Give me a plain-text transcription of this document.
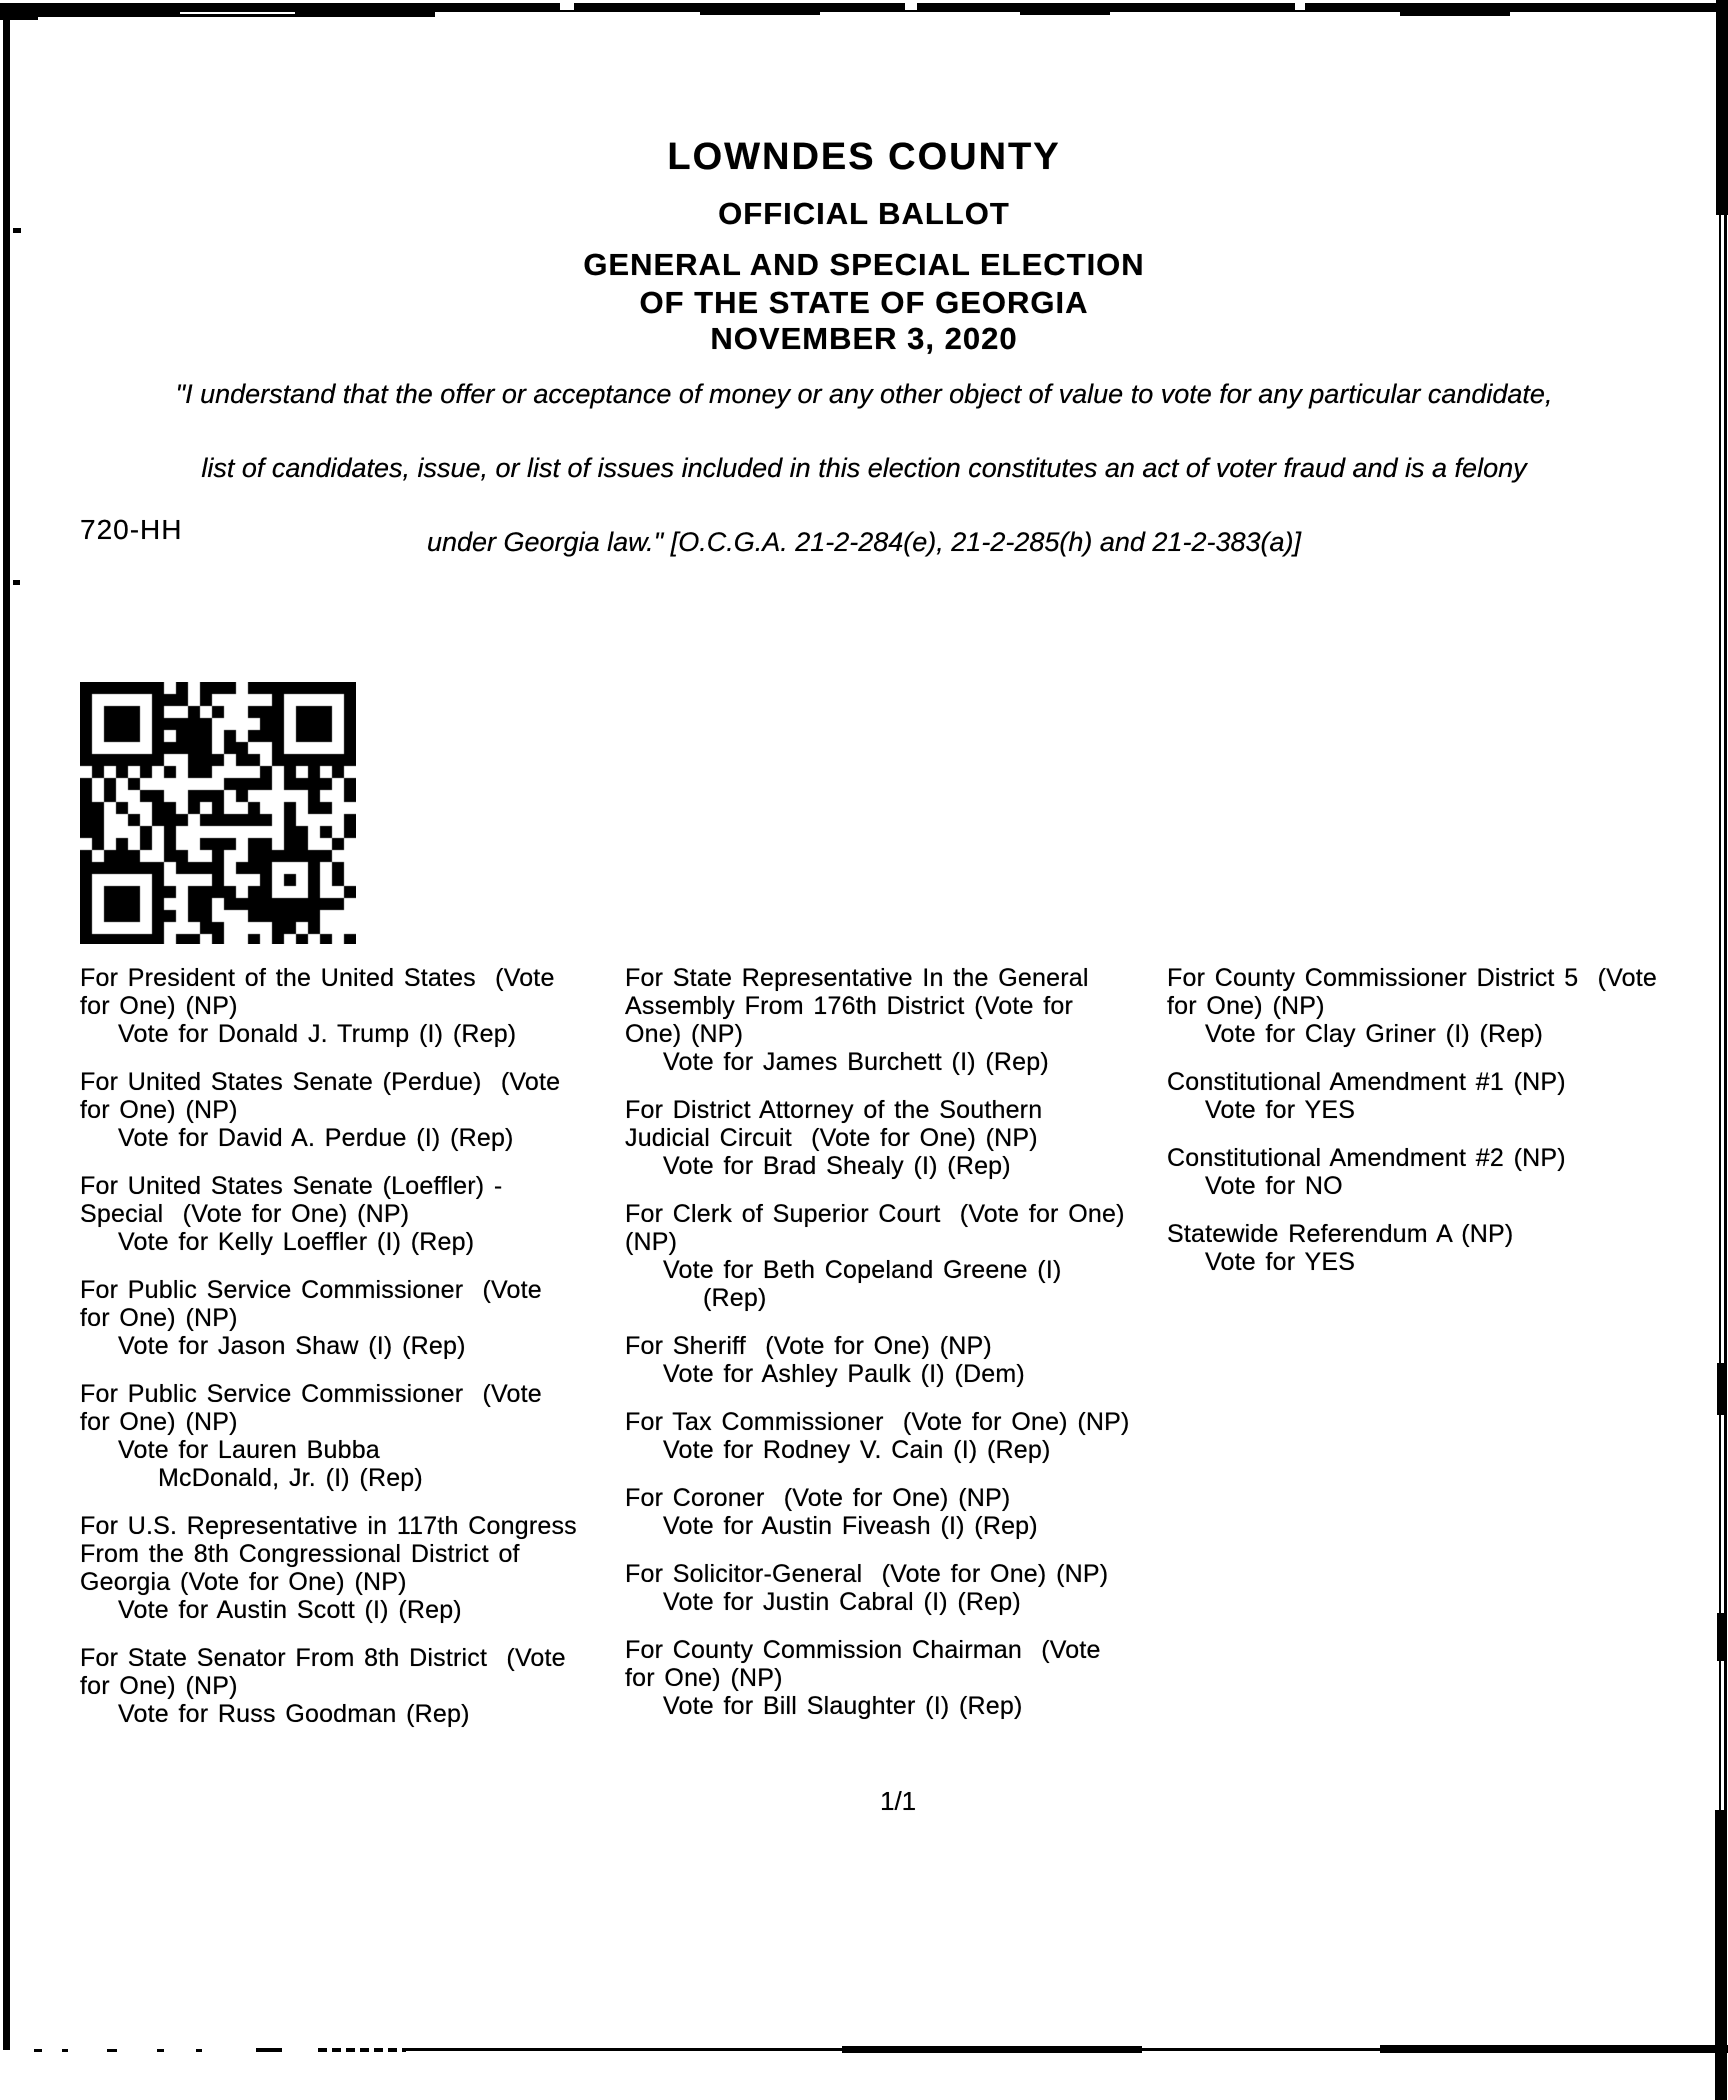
LOWNDES COUNTY
OFFICIAL BALLOT
GENERAL AND SPECIAL ELECTION
OF THE STATE OF GEORGIA
NOVEMBER 3, 2020
"I understand that the offer or acceptance of money or any other object of value to vote for any particular candidate,

list of candidates, issue, or list of issues included in this election constitutes an act of voter fraud and is a felony

under Georgia law." [O.C.G.A. 21-2-284(e), 21-2-285(h) and 21-2-383(a)]
720-HH
For President of the United States  (Vote
for One) (NP)
Vote for Donald J. Trump (I) (Rep)
For United States Senate (Perdue)  (Vote
for One) (NP)
Vote for David A. Perdue (I) (Rep)
For United States Senate (Loeffler) -
Special  (Vote for One) (NP)
Vote for Kelly Loeffler (I) (Rep)
For Public Service Commissioner  (Vote
for One) (NP)
Vote for Jason Shaw (I) (Rep)
For Public Service Commissioner  (Vote
for One) (NP)
Vote for Lauren Bubba
McDonald, Jr. (I) (Rep)
For U.S. Representative in 117th Congress
From the 8th Congressional District of
Georgia (Vote for One) (NP)
Vote for Austin Scott (I) (Rep)
For State Senator From 8th District  (Vote
for One) (NP)
Vote for Russ Goodman (Rep)
For State Representative In the General
Assembly From 176th District (Vote for
One) (NP)
Vote for James Burchett (I) (Rep)
For District Attorney of the Southern
Judicial Circuit  (Vote for One) (NP)
Vote for Brad Shealy (I) (Rep)
For Clerk of Superior Court  (Vote for One)
(NP)
Vote for Beth Copeland Greene (I)
(Rep)
For Sheriff  (Vote for One) (NP)
Vote for Ashley Paulk (I) (Dem)
For Tax Commissioner  (Vote for One) (NP)
Vote for Rodney V. Cain (I) (Rep)
For Coroner  (Vote for One) (NP)
Vote for Austin Fiveash (I) (Rep)
For Solicitor-General  (Vote for One) (NP)
Vote for Justin Cabral (I) (Rep)
For County Commission Chairman  (Vote
for One) (NP)
Vote for Bill Slaughter (I) (Rep)
For County Commissioner District 5  (Vote
for One) (NP)
Vote for Clay Griner (I) (Rep)
Constitutional Amendment #1 (NP)
Vote for YES
Constitutional Amendment #2 (NP)
Vote for NO
Statewide Referendum A (NP)
Vote for YES
1/1
